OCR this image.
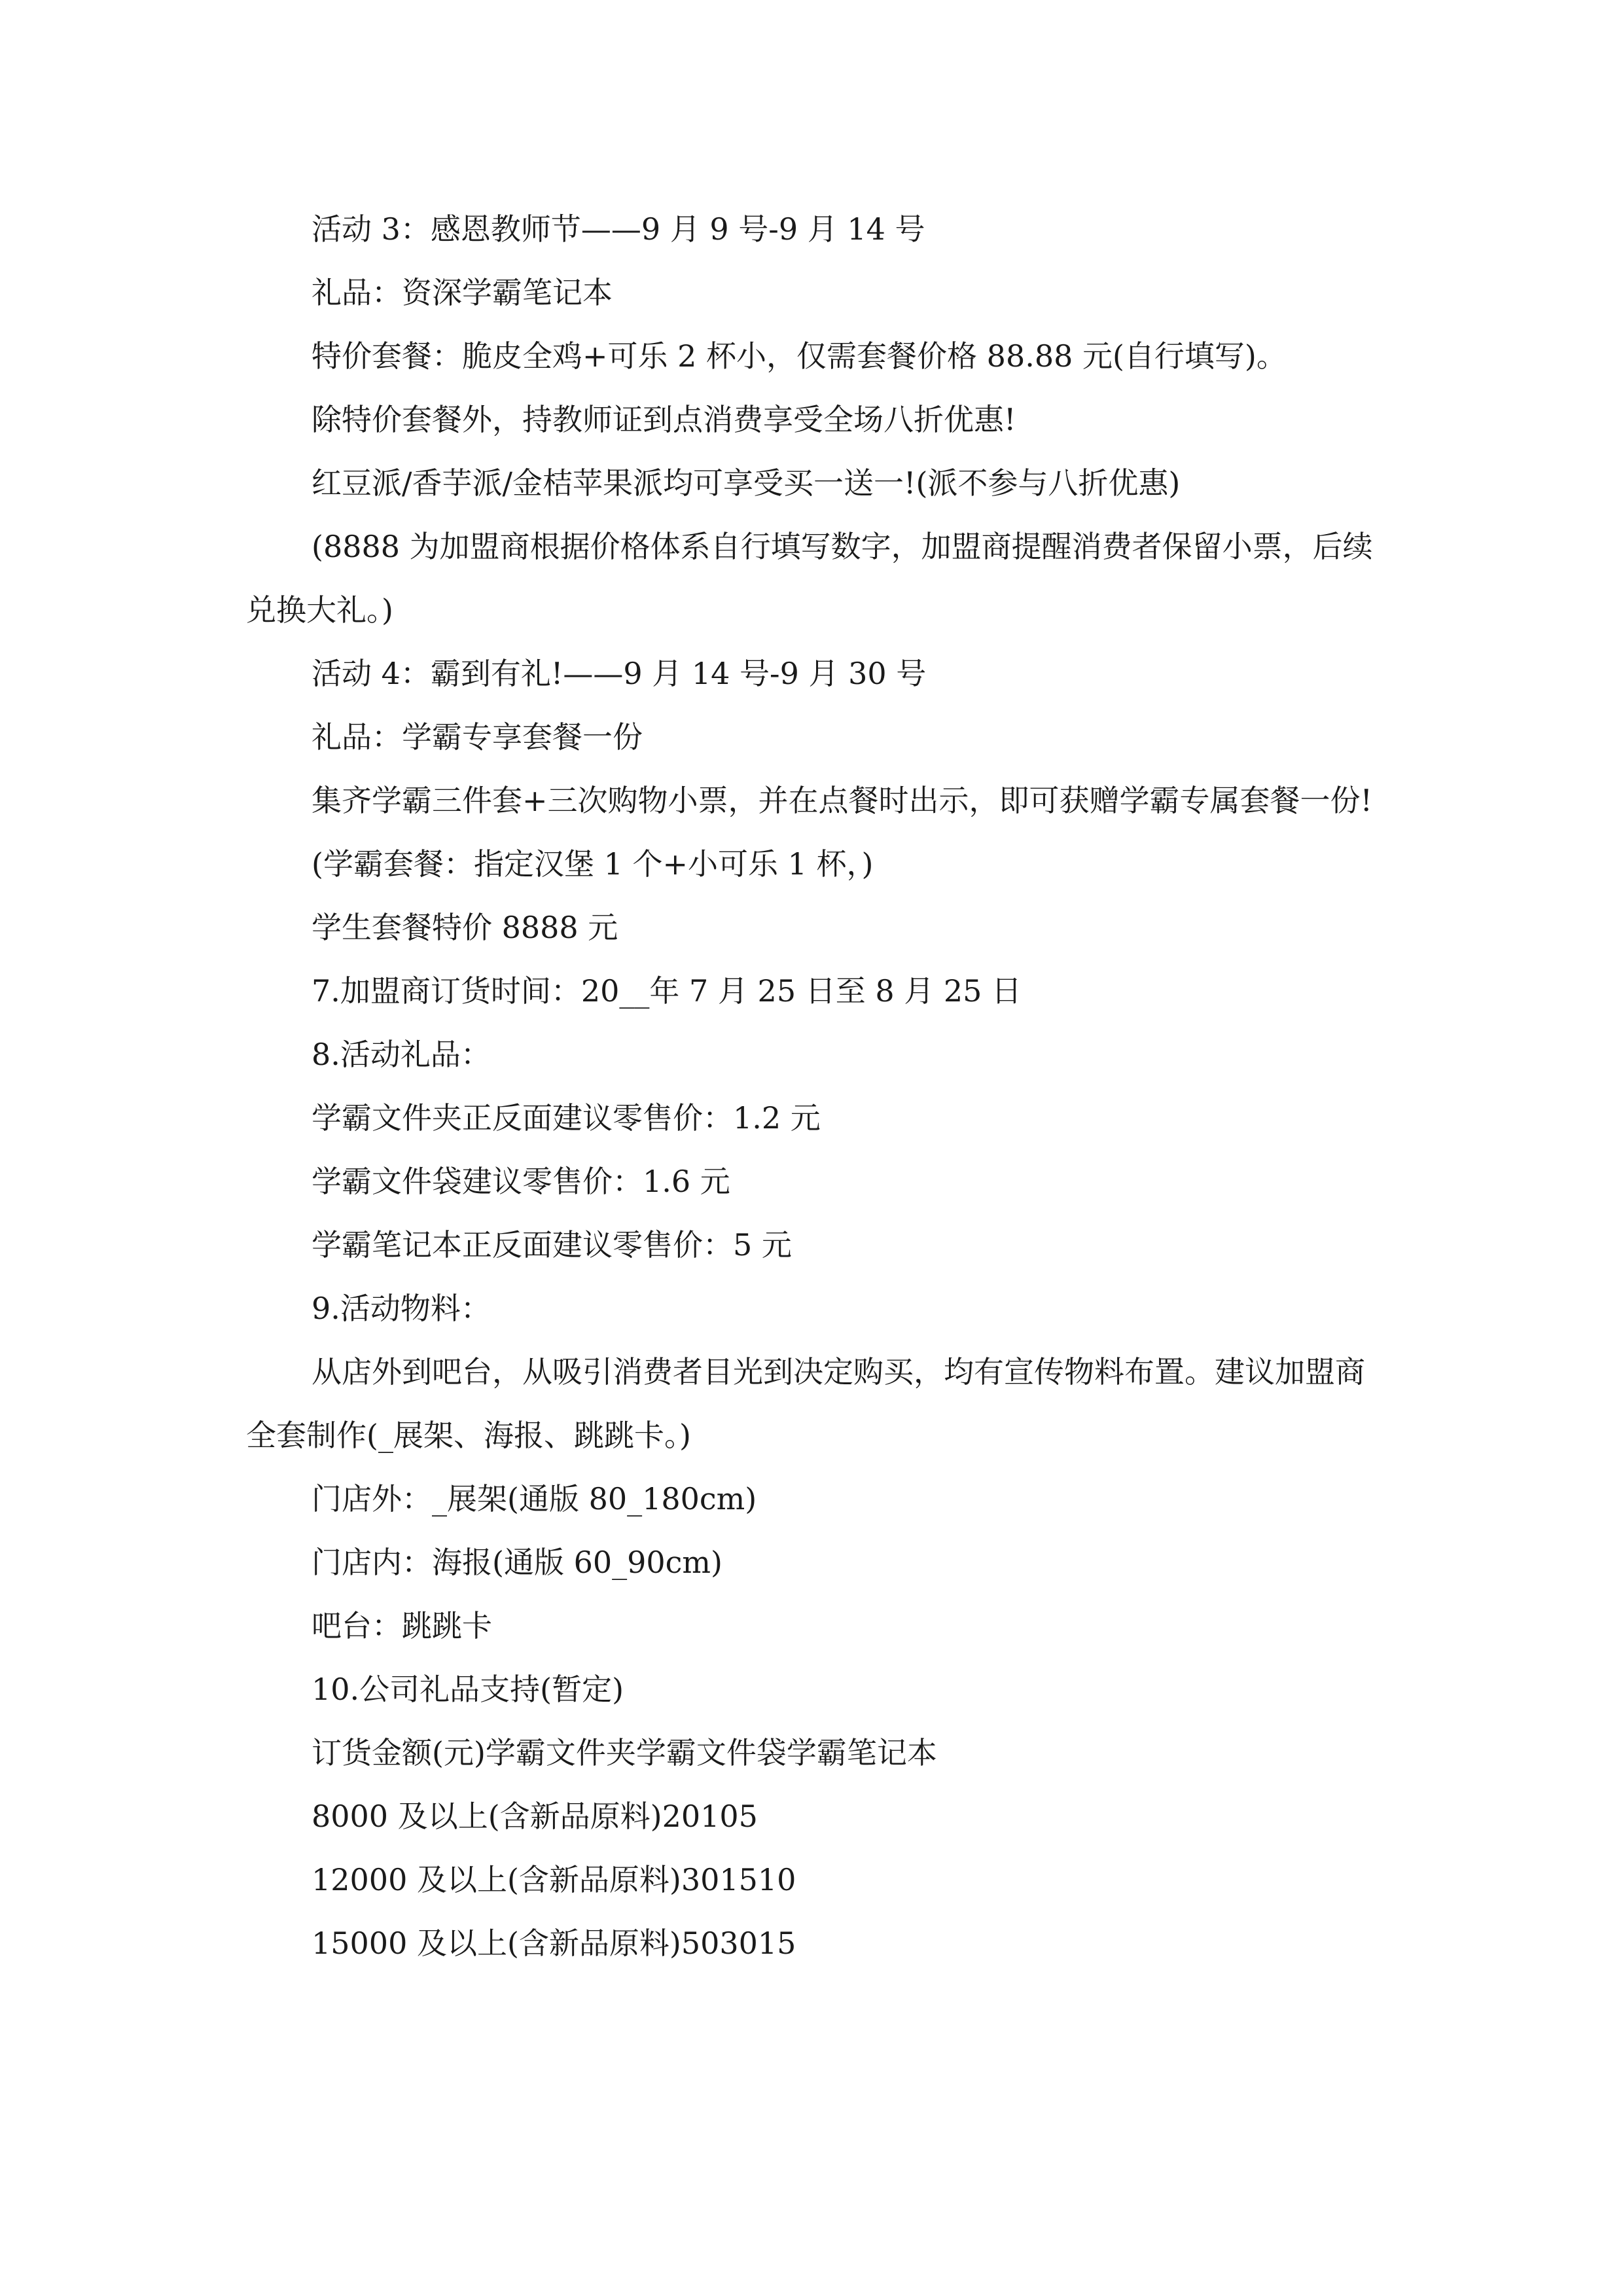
活动 3：感恩教师节——9 月 9 号-9 月 14 号

礼品：资深学霸笔记本

特价套餐：脆皮全鸡+可乐 2 杯小，仅需套餐价格 88.88 元(自行填写)。

除特价套餐外，持教师证到点消费享受全场八折优惠!

红豆派/香芋派/金桔苹果派均可享受买一送一!(派不参与八折优惠)

(8888 为加盟商根据价格体系自行填写数字，加盟商提醒消费者保留小票，后续兑换大礼。)

活动 4：霸到有礼!——9 月 14 号-9 月 30 号

礼品：学霸专享套餐一份

集齐学霸三件套+三次购物小票，并在点餐时出示，即可获赠学霸专属套餐一份!

(学霸套餐：指定汉堡 1 个+小可乐 1 杯，)

学生套餐特价 8888 元

7.加盟商订货时间：20__年 7 月 25 日至 8 月 25 日

8.活动礼品：

学霸文件夹正反面建议零售价：1.2 元

学霸文件袋建议零售价：1.6 元

学霸笔记本正反面建议零售价：5 元

9.活动物料：

从店外到吧台，从吸引消费者目光到决定购买，均有宣传物料布置。建议加盟商全套制作(_展架、海报、跳跳卡。)

门店外：_展架(通版 80_180cm)

门店内：海报(通版 60_90cm)

吧台：跳跳卡

10.公司礼品支持(暂定)

订货金额(元)学霸文件夹学霸文件袋学霸笔记本

8000 及以上(含新品原料)20105

12000 及以上(含新品原料)301510

15000 及以上(含新品原料)503015
